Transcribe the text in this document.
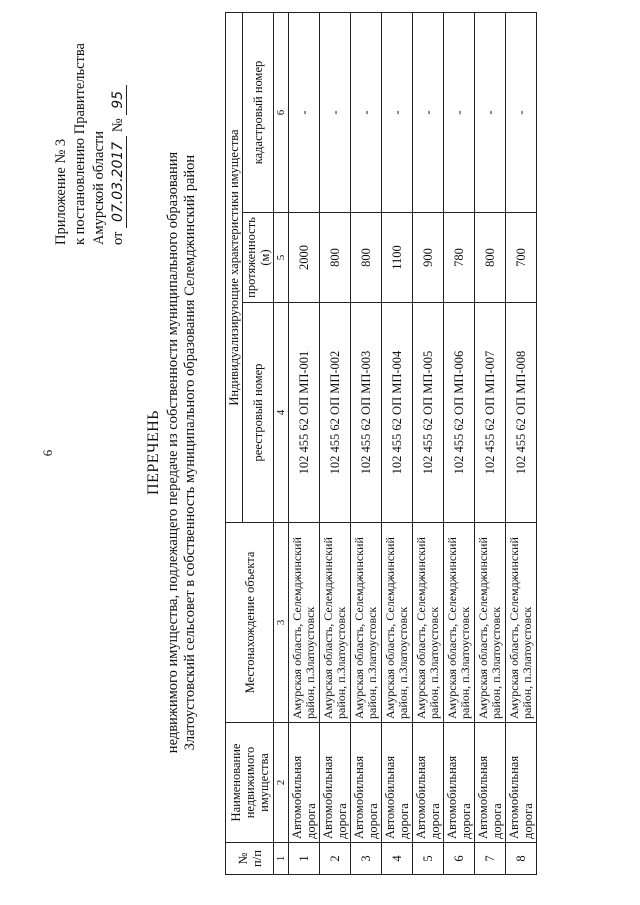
6
Приложение № 3 к постановлению Правительства Амурской области от 07.03.2017 № 95
ПЕРЕЧЕНЬ недвижимого имущества, подлежащего передаче из собственности муниципального образования Златоустовский сельсовет в собственность муниципального образования Селемджинский район
№ п/п	Наименование недвижимого имущества	Местонахождение объекта	Индивидуализирующие характеристики имущества		
			реестровый номер	протяженность (м)	кадастровый номер
1	2	3	4	5	6
1	Автомобильная дорога	Амурская область, Селемджинский район, п.Златоустовск	102 455 62 ОП МП-001	2000	-
2	Автомобильная дорога	Амурская область, Селемджинский район, п.Златоустовск	102 455 62 ОП МП-002	800	-
3	Автомобильная дорога	Амурская область, Селемджинский район, п.Златоустовск	102 455 62 ОП МП-003	800	-
4	Автомобильная дорога	Амурская область, Селемджинский район, п.Златоустовск	102 455 62 ОП МП-004	1100	-
5	Автомобильная дорога	Амурская область, Селемджинский район, п.Златоустовск	102 455 62 ОП МП-005	900	-
6	Автомобильная дорога	Амурская область, Селемджинский район, п.Златоустовск	102 455 62 ОП МП-006	780	-
7	Автомобильная дорога	Амурская область, Селемджинский район, п.Златоустовск	102 455 62 ОП МП-007	800	-
8	Автомобильная дорога	Амурская область, Селемджинский район, п.Златоустовск	102 455 62 ОП МП-008	700	-
